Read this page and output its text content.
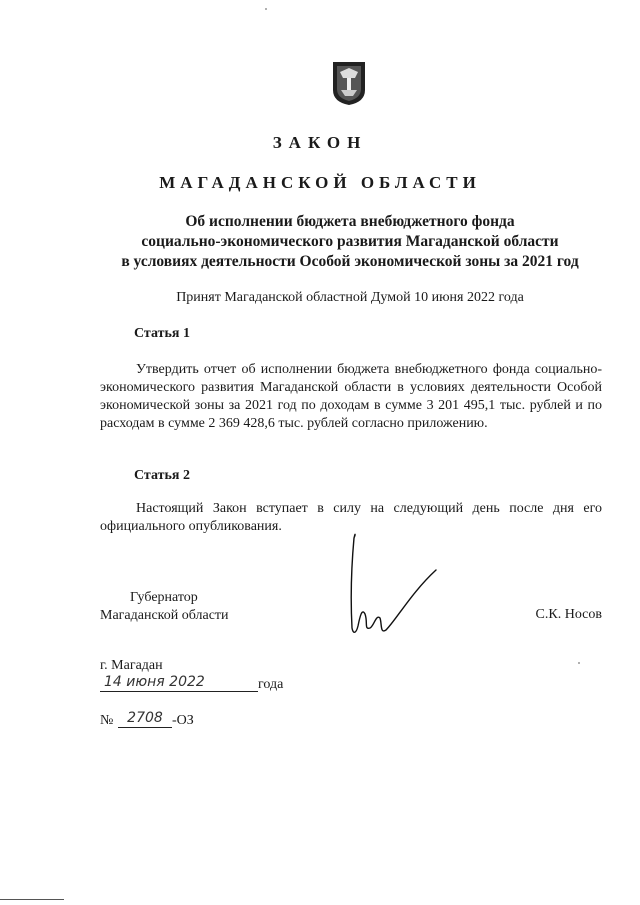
ЗАКОН
МАГАДАНСКОЙ ОБЛАСТИ
Об исполнении бюджета внебюджетного фонда
социально-экономического развития Магаданской области
в условиях деятельности Особой экономической зоны за 2021 год
Принят Магаданской областной Думой 10 июня 2022 года
Статья 1
Утвердить отчет об исполнении бюджета внебюджетного фонда социально-экономического развития Магаданской области в условиях деятельности Особой экономической зоны за 2021 год по доходам в сумме 3 201 495,1 тыс. рублей и по расходам в сумме 2 369 428,6 тыс. рублей согласно приложению.
Статья 2
Настоящий Закон вступает в силу на следующий день после дня его официального опубликования.
Губернатор
Магаданской области	С.К. Носов
г. Магадан
14 июня 2022	года
№ 2708 -ОЗ
